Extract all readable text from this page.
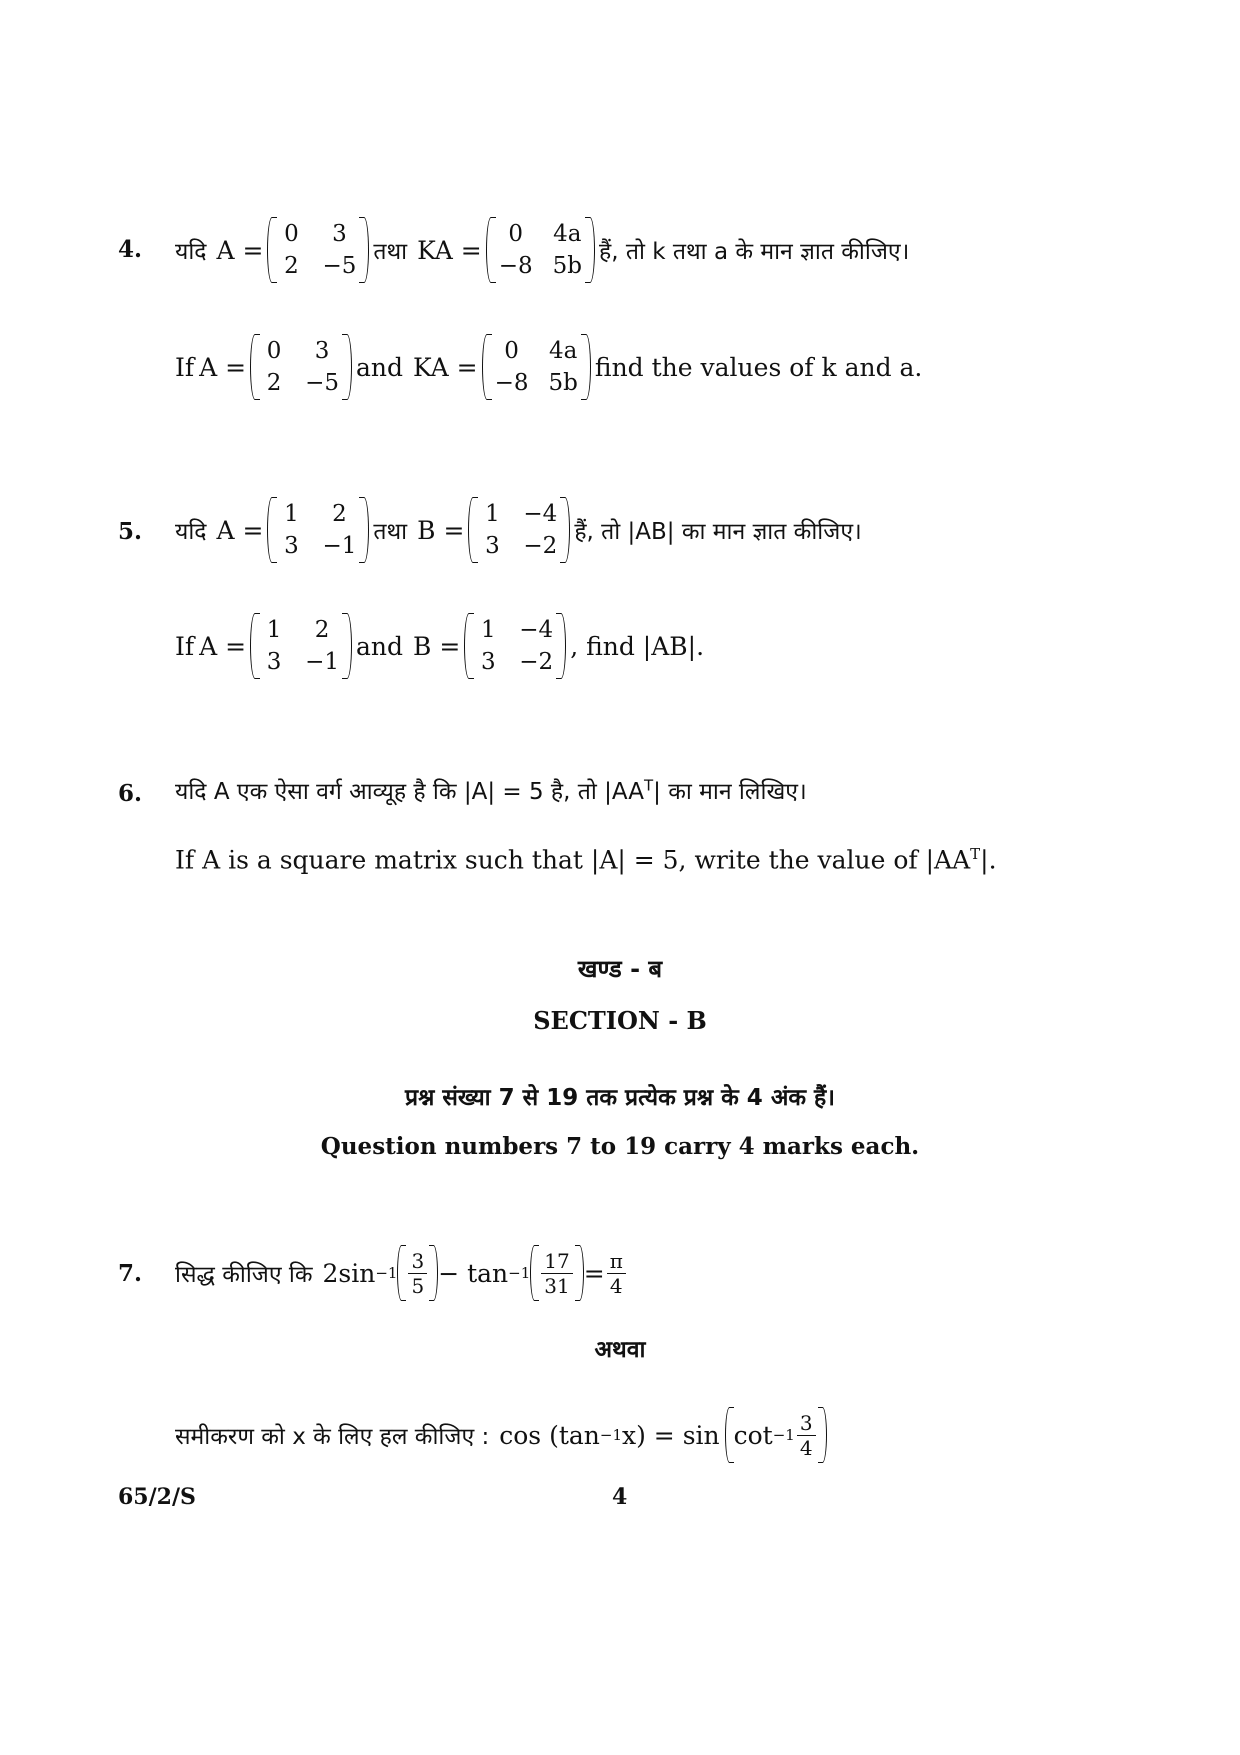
4. यदि A =
0	3
2 −5
तथा KA =
0	4a
−8 5b
हैं, तो k तथा a के मान ज्ञात कीजिए।
If A =
0	3
2 −5
and KA =
0	4a
−8 5b
find the values of k and a.
5. यदि A =
1	2
3 −1
तथा B =
1 −4
3 −2
हैं, तो |AB| का मान ज्ञात कीजिए।
If A =
1	2
3 −1
and B =
1 −4
3 −2
, find |AB|.
6. यदि A एक ऐसा वर्ग आव्यूह है कि |A| = 5 है, तो $|AA^T|$ का मान लिखिए।
If A is a square matrix such that |A| = 5, write the value of $|AA^T|$.
खण्ड - ब
SECTION - B
प्रश्न संख्या 7 से 19 तक प्रत्येक प्रश्न के 4 अंक हैं।
Question numbers 7 to 19 carry 4 marks each.
7. सिद्ध कीजिए कि $2\sin -1 \frac{3}{5} - \tan -1 \frac{17}{31} = \frac{\pi}{4}$
अथवा
समीकरण को x के लिए हल कीजिए : cos (tan −1 $x) = \sin \cot -1 \frac{3}{4}$
65/2/S	4
